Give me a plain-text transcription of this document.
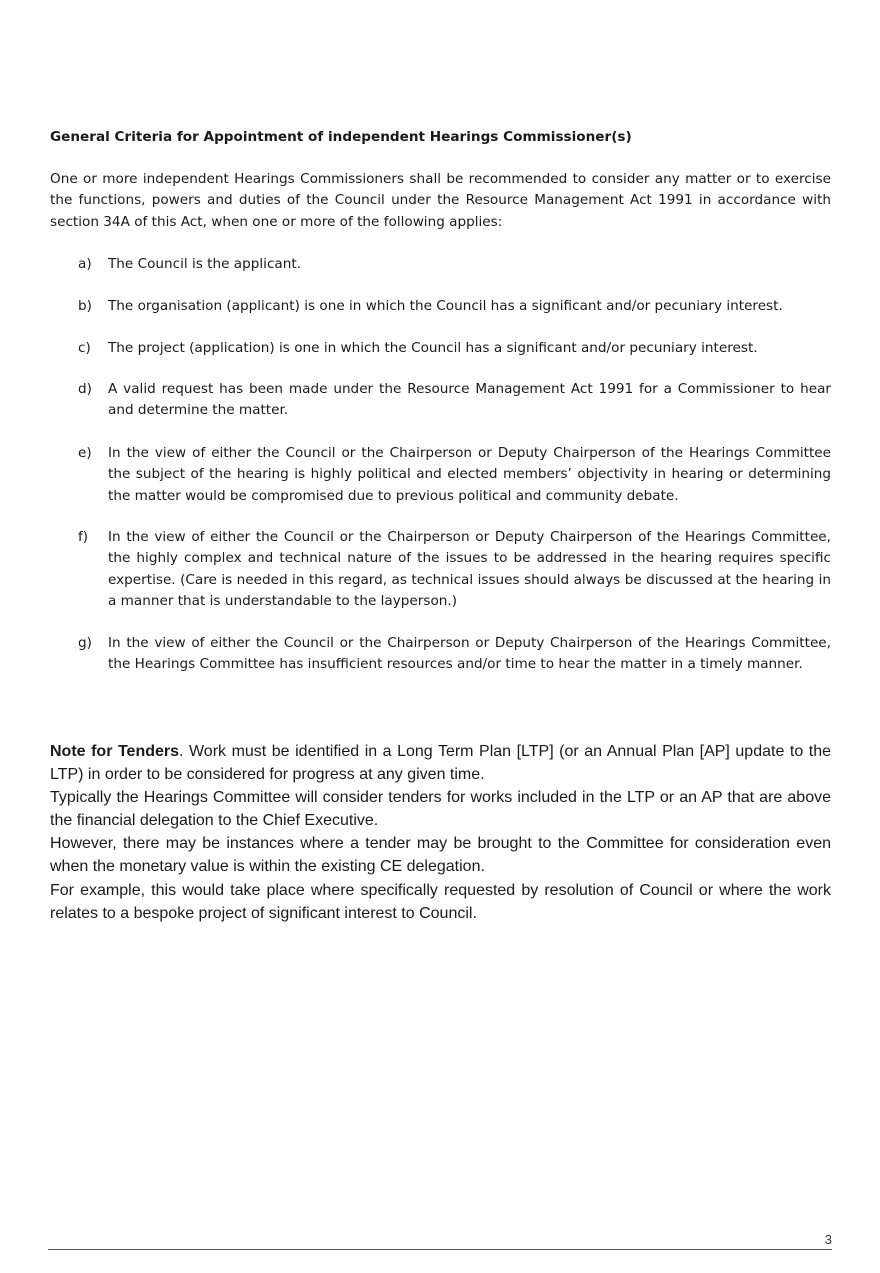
General Criteria for Appointment of independent Hearings Commissioner(s)
One or more independent Hearings Commissioners shall be recommended to consider any matter or to exercise the functions, powers and duties of the Council under the Resource Management Act 1991 in accordance with section 34A of this Act, when one or more of the following applies:
a)	The Council is the applicant.
b)	The organisation (applicant) is one in which the Council has a significant and/or pecuniary interest.
c)	The project (application) is one in which the Council has a significant and/or pecuniary interest.
d)	A valid request has been made under the Resource Management Act 1991 for a Commissioner to hear and determine the matter.
e)	In the view of either the Council or the Chairperson or Deputy Chairperson of the Hearings Committee the subject of the hearing is highly political and elected members’ objectivity in hearing or determining the matter would be compromised due to previous political and community debate.
f)	In the view of either the Council or the Chairperson or Deputy Chairperson of the Hearings Committee, the highly complex and technical nature of the issues to be addressed in the hearing requires specific expertise. (Care is needed in this regard, as technical issues should always be discussed at the hearing in a manner that is understandable to the layperson.)
g)	In the view of either the Council or the Chairperson or Deputy Chairperson of the Hearings Committee, the Hearings Committee has insufficient resources and/or time to hear the matter in a timely manner.

Note for Tenders. Work must be identified in a Long Term Plan [LTP] (or an Annual Plan [AP] update to the LTP) in order to be considered for progress at any given time.

Typically the Hearings Committee will consider tenders for works included in the LTP or an AP that are above the financial delegation to the Chief Executive.

However, there may be instances where a tender may be brought to the Committee for consideration even when the monetary value is within the existing CE delegation.

For example, this would take place where specifically requested by resolution of Council or where the work relates to a bespoke project of significant interest to Council.

3
